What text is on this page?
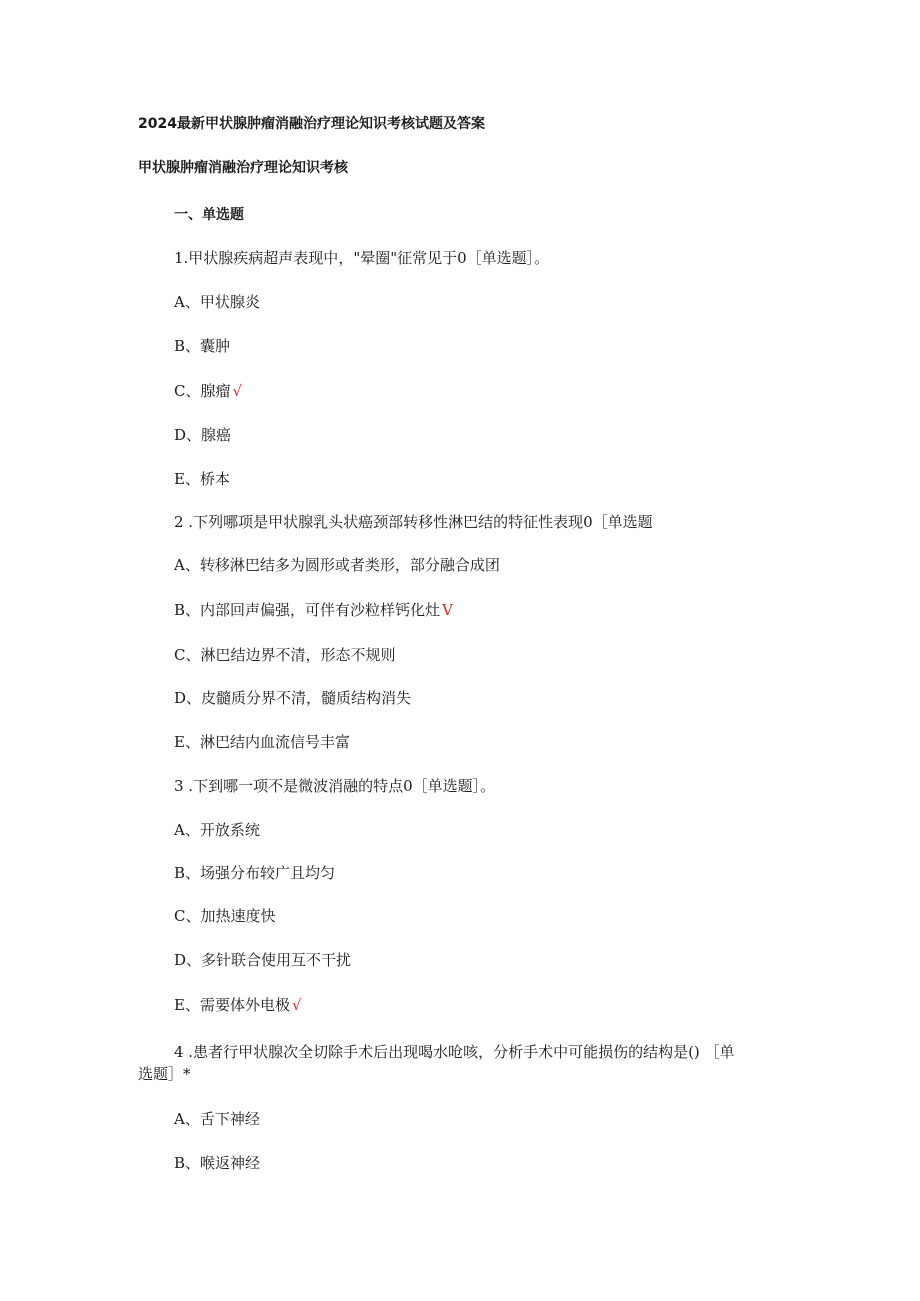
2024最新甲状腺肿瘤消融治疗理论知识考核试题及答案
甲状腺肿瘤消融治疗理论知识考核
一、单选题
1.甲状腺疾病超声表现中，"晕圈"征常见于0［单选题］。
A、甲状腺炎
B、囊肿
C、腺瘤 √
D、腺癌
E、桥本
2 .下列哪项是甲状腺乳头状癌颈部转移性淋巴结的特征性表现0［单选题
A、转移淋巴结多为圆形或者类形，部分融合成团
B、内部回声偏强，可伴有沙粒样钙化灶 V
C、淋巴结边界不清，形态不规则
D、皮髓质分界不清，髓质结构消失
E、淋巴结内血流信号丰富
3 .下到哪一项不是微波消融的特点0［单选题］。
A、开放系统
B、场强分布较广且均匀
C、加热速度快
D、多针联合使用互不干扰
E、需要体外电极 √
4 .患者行甲状腺次全切除手术后出现喝水呛咳，分析手术中可能损伤的结构是() ［单
选题］*
A、舌下神经
B、喉返神经
